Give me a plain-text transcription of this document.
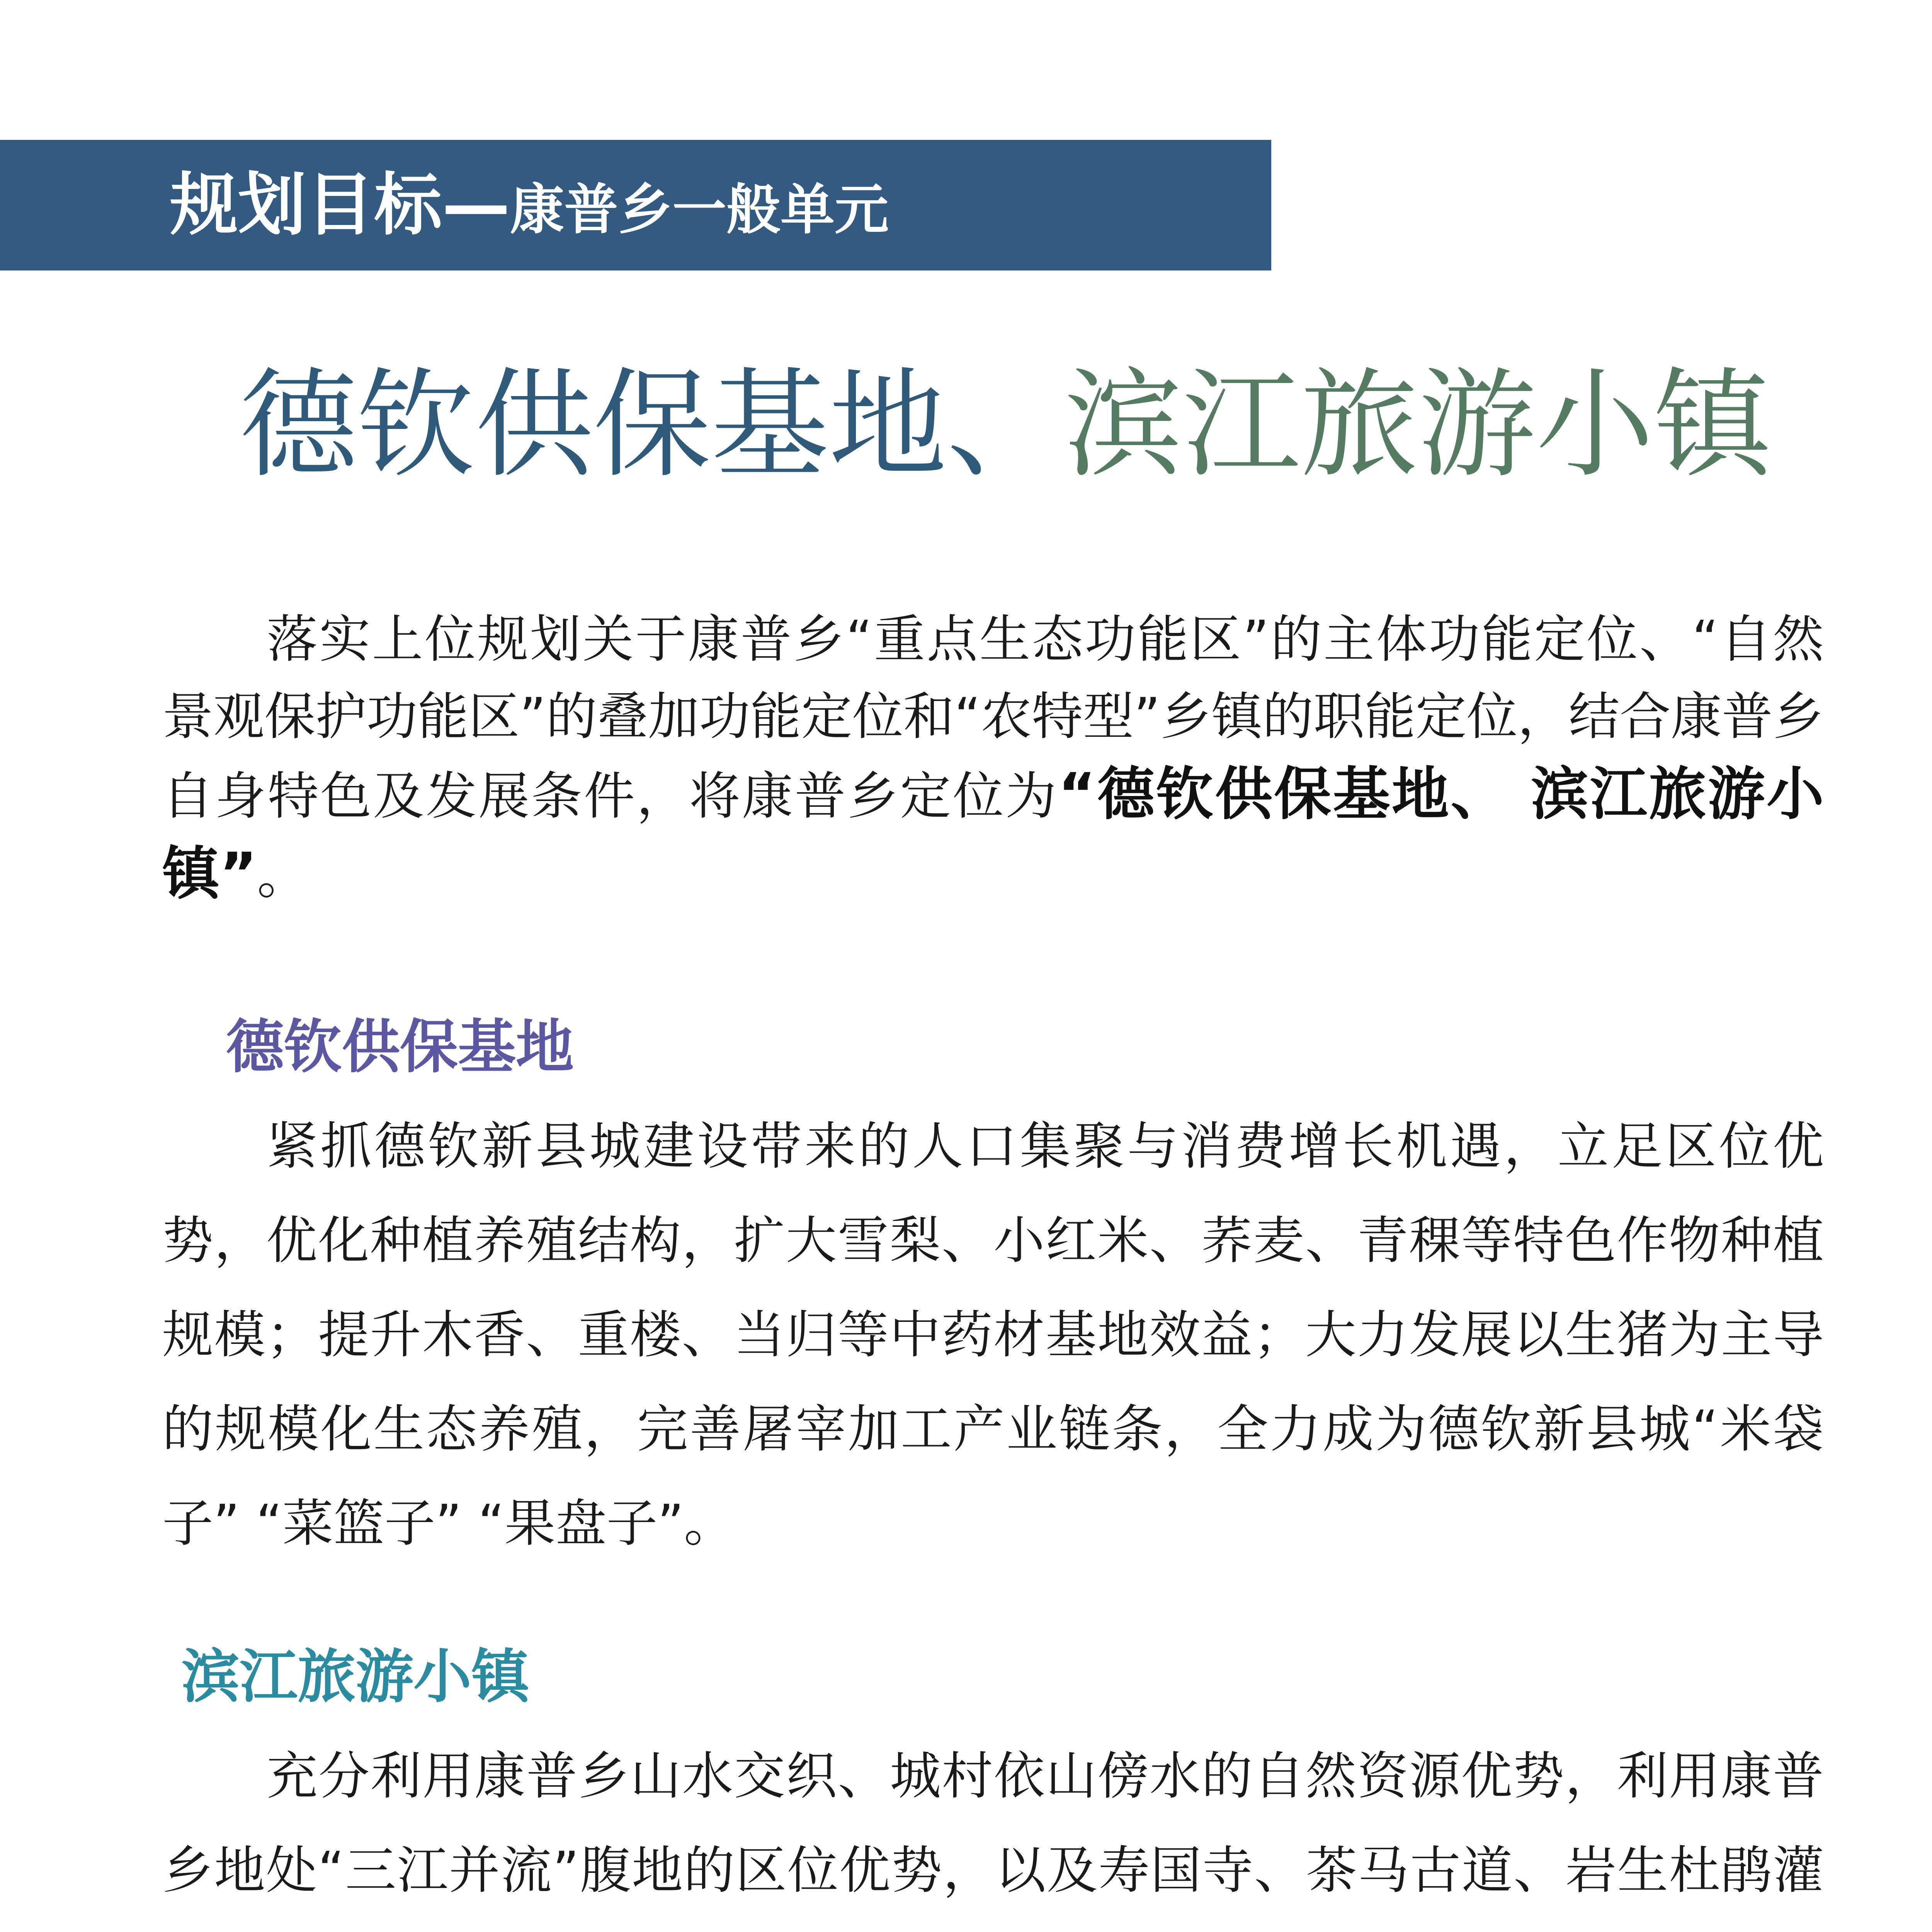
规划目标—康普乡一般单元
德钦供保基地、滨江旅游小镇

落实上位规划关于康普乡“重点生态功能区”的主体功能定位、“自然景观保护功能区”的叠加功能定位和“农特型”乡镇的职能定位，结合康普乡自身特色及发展条件，将康普乡定位为“德钦供保基地、 滨江旅游小镇”。

德钦供保基地

紧抓德钦新县城建设带来的人口集聚与消费增长机遇，立足区位优势，优化种植养殖结构，扩大雪梨、小红米、荞麦、青稞等特色作物种植规模；提升木香、重楼、当归等中药材基地效益；大力发展以生猪为主导的规模化生态养殖，完善屠宰加工产业链条，全力成为德钦新县城“米袋子” “菜篮子” “果盘子”。

滨江旅游小镇

充分利用康普乡山水交织、城村依山傍水的自然资源优势，利用康普乡地处“三江并流”腹地的区位优势，以及寿国寺、茶马古道、岩生杜鹃灌
